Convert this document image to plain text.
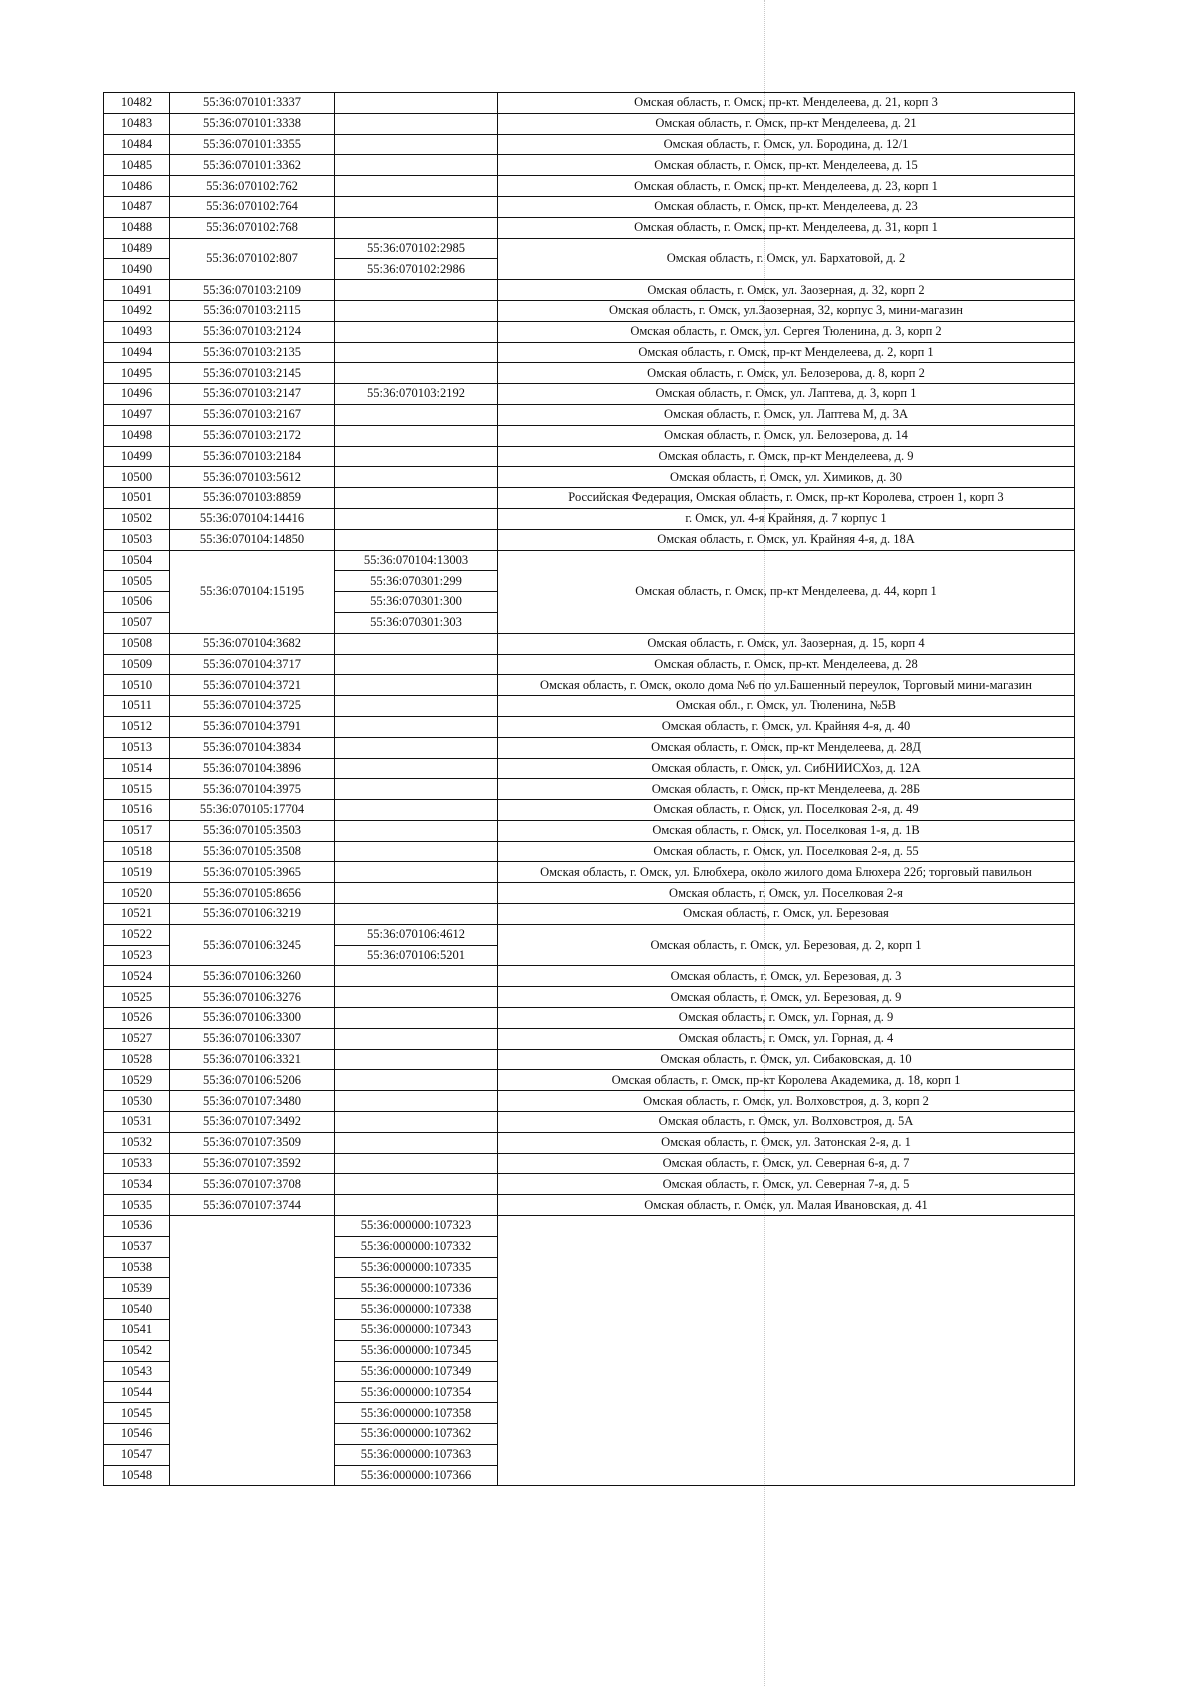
10482	55:36:070101:3337		Омская область, г. Омск, пр-кт. Менделеева, д. 21, корп 3
10483	55:36:070101:3338		Омская область, г. Омск, пр-кт Менделеева, д. 21
10484	55:36:070101:3355		Омская область, г. Омск, ул. Бородина, д. 12/1
10485	55:36:070101:3362		Омская область, г. Омск, пр-кт. Менделеева, д. 15
10486	55:36:070102:762		Омская область, г. Омск, пр-кт. Менделеева, д. 23, корп 1
10487	55:36:070102:764		Омская область, г. Омск, пр-кт. Менделеева, д. 23
10488	55:36:070102:768		Омская область, г. Омск, пр-кт. Менделеева, д. 31, корп 1
10489	55:36:070102:807	55:36:070102:2985	Омская область, г. Омск, ул. Бархатовой, д. 2
10490		55:36:070102:2986	
10491	55:36:070103:2109		Омская область, г. Омск, ул. Заозерная, д. 32, корп 2
10492	55:36:070103:2115		Омская область, г. Омск, ул.Заозерная, 32, корпус 3, мини-магазин
10493	55:36:070103:2124		Омская область, г. Омск, ул. Сергея Тюленина, д. 3, корп 2
10494	55:36:070103:2135		Омская область, г. Омск, пр-кт Менделеева, д. 2, корп 1
10495	55:36:070103:2145		Омская область, г. Омск, ул. Белозерова, д. 8, корп 2
10496	55:36:070103:2147	55:36:070103:2192	Омская область, г. Омск, ул. Лаптева, д. 3, корп 1
10497	55:36:070103:2167		Омская область, г. Омск, ул. Лаптева М, д. 3А
10498	55:36:070103:2172		Омская область, г. Омск, ул. Белозерова, д. 14
10499	55:36:070103:2184		Омская область, г. Омск, пр-кт Менделеева, д. 9
10500	55:36:070103:5612		Омская область, г. Омск, ул. Химиков, д. 30
10501	55:36:070103:8859		Российская Федерация, Омская область, г. Омск, пр-кт Королева, строен 1, корп 3
10502	55:36:070104:14416		г. Омск, ул. 4-я Крайняя, д. 7 корпус 1
10503	55:36:070104:14850		Омская область, г. Омск, ул. Крайняя 4-я, д. 18А
10504	55:36:070104:15195	55:36:070104:13003	Омская область, г. Омск, пр-кт Менделеева, д. 44, корп 1
10505		55:36:070301:299	
10506		55:36:070301:300	
10507		55:36:070301:303	
10508	55:36:070104:3682		Омская область, г. Омск, ул. Заозерная, д. 15, корп 4
10509	55:36:070104:3717		Омская область, г. Омск, пр-кт. Менделеева, д. 28
10510	55:36:070104:3721		Омская область, г. Омск, около дома №6 по ул.Башенный переулок, Торговый мини-магазин
10511	55:36:070104:3725		Омская обл., г. Омск, ул. Тюленина, №5В
10512	55:36:070104:3791		Омская область, г. Омск, ул. Крайняя 4-я, д. 40
10513	55:36:070104:3834		Омская область, г. Омск, пр-кт Менделеева, д. 28Д
10514	55:36:070104:3896		Омская область, г. Омск, ул. СибНИИСХоз, д. 12А
10515	55:36:070104:3975		Омская область, г. Омск, пр-кт Менделеева, д. 28Б
10516	55:36:070105:17704		Омская область, г. Омск, ул. Поселковая 2-я, д. 49
10517	55:36:070105:3503		Омская область, г. Омск, ул. Поселковая 1-я, д. 1В
10518	55:36:070105:3508		Омская область, г. Омск, ул. Поселковая 2-я, д. 55
10519	55:36:070105:3965		Омская область, г. Омск, ул. Блюбхера, около жилого дома Блюхера 22б; торговый павильон
10520	55:36:070105:8656		Омская область, г. Омск, ул. Поселковая 2-я
10521	55:36:070106:3219		Омская область, г. Омск, ул. Березовая
10522	55:36:070106:3245	55:36:070106:4612	Омская область, г. Омск, ул. Березовая, д. 2, корп 1
10523		55:36:070106:5201	
10524	55:36:070106:3260		Омская область, г. Омск, ул. Березовая, д. 3
10525	55:36:070106:3276		Омская область, г. Омск, ул. Березовая, д. 9
10526	55:36:070106:3300		Омская область, г. Омск, ул. Горная, д. 9
10527	55:36:070106:3307		Омская область, г. Омск, ул. Горная, д. 4
10528	55:36:070106:3321		Омская область, г. Омск, ул. Сибаковская, д. 10
10529	55:36:070106:5206		Омская область, г. Омск, пр-кт Королева Академика, д. 18, корп 1
10530	55:36:070107:3480		Омская область, г. Омск, ул. Волховстроя, д. 3, корп 2
10531	55:36:070107:3492		Омская область, г. Омск, ул. Волховстроя, д. 5А
10532	55:36:070107:3509		Омская область, г. Омск, ул. Затонская 2-я, д. 1
10533	55:36:070107:3592		Омская область, г. Омск, ул. Северная 6-я, д. 7
10534	55:36:070107:3708		Омская область, г. Омск, ул. Северная 7-я, д. 5
10535	55:36:070107:3744		Омская область, г. Омск, ул. Малая Ивановская, д. 41
10536		55:36:000000:107323	
10537		55:36:000000:107332	
10538		55:36:000000:107335	
10539		55:36:000000:107336	
10540		55:36:000000:107338	
10541		55:36:000000:107343	
10542		55:36:000000:107345	
10543		55:36:000000:107349	
10544		55:36:000000:107354	
10545		55:36:000000:107358	
10546		55:36:000000:107362	
10547		55:36:000000:107363	
10548		55:36:000000:107366	
